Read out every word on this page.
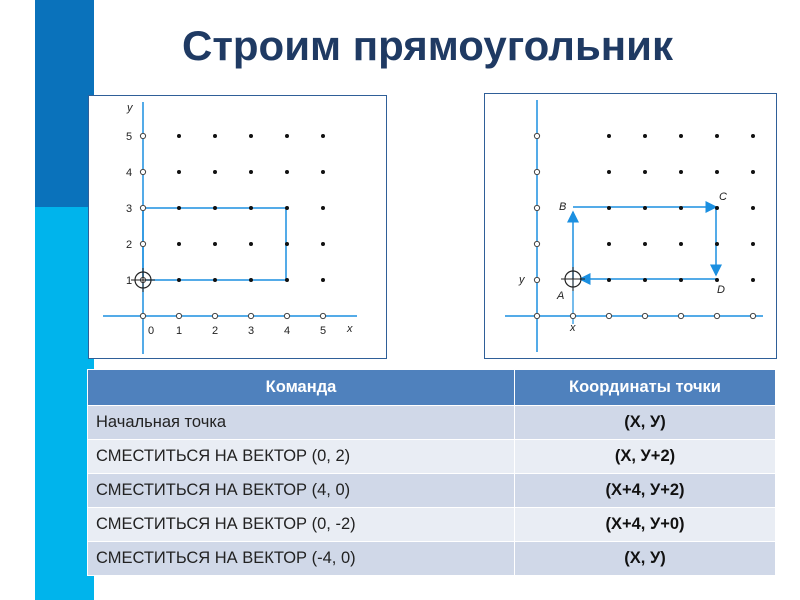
Строим прямоугольник
y
x
0 1	2	3	4	5
1
2
3
4
5
B
C
D
A
y
x
Команда	Координаты точки
Начальная точка	(X, У)
СМЕСТИТЬСЯ НА ВЕКТОР (0, 2)	(X, У+2)
СМЕСТИТЬСЯ НА ВЕКТОР (4, 0)	(X+4, У+2)
СМЕСТИТЬСЯ НА ВЕКТОР (0, -2)	(X+4, У+0)
СМЕСТИТЬСЯ НА ВЕКТОР (-4, 0)	(X, У)
